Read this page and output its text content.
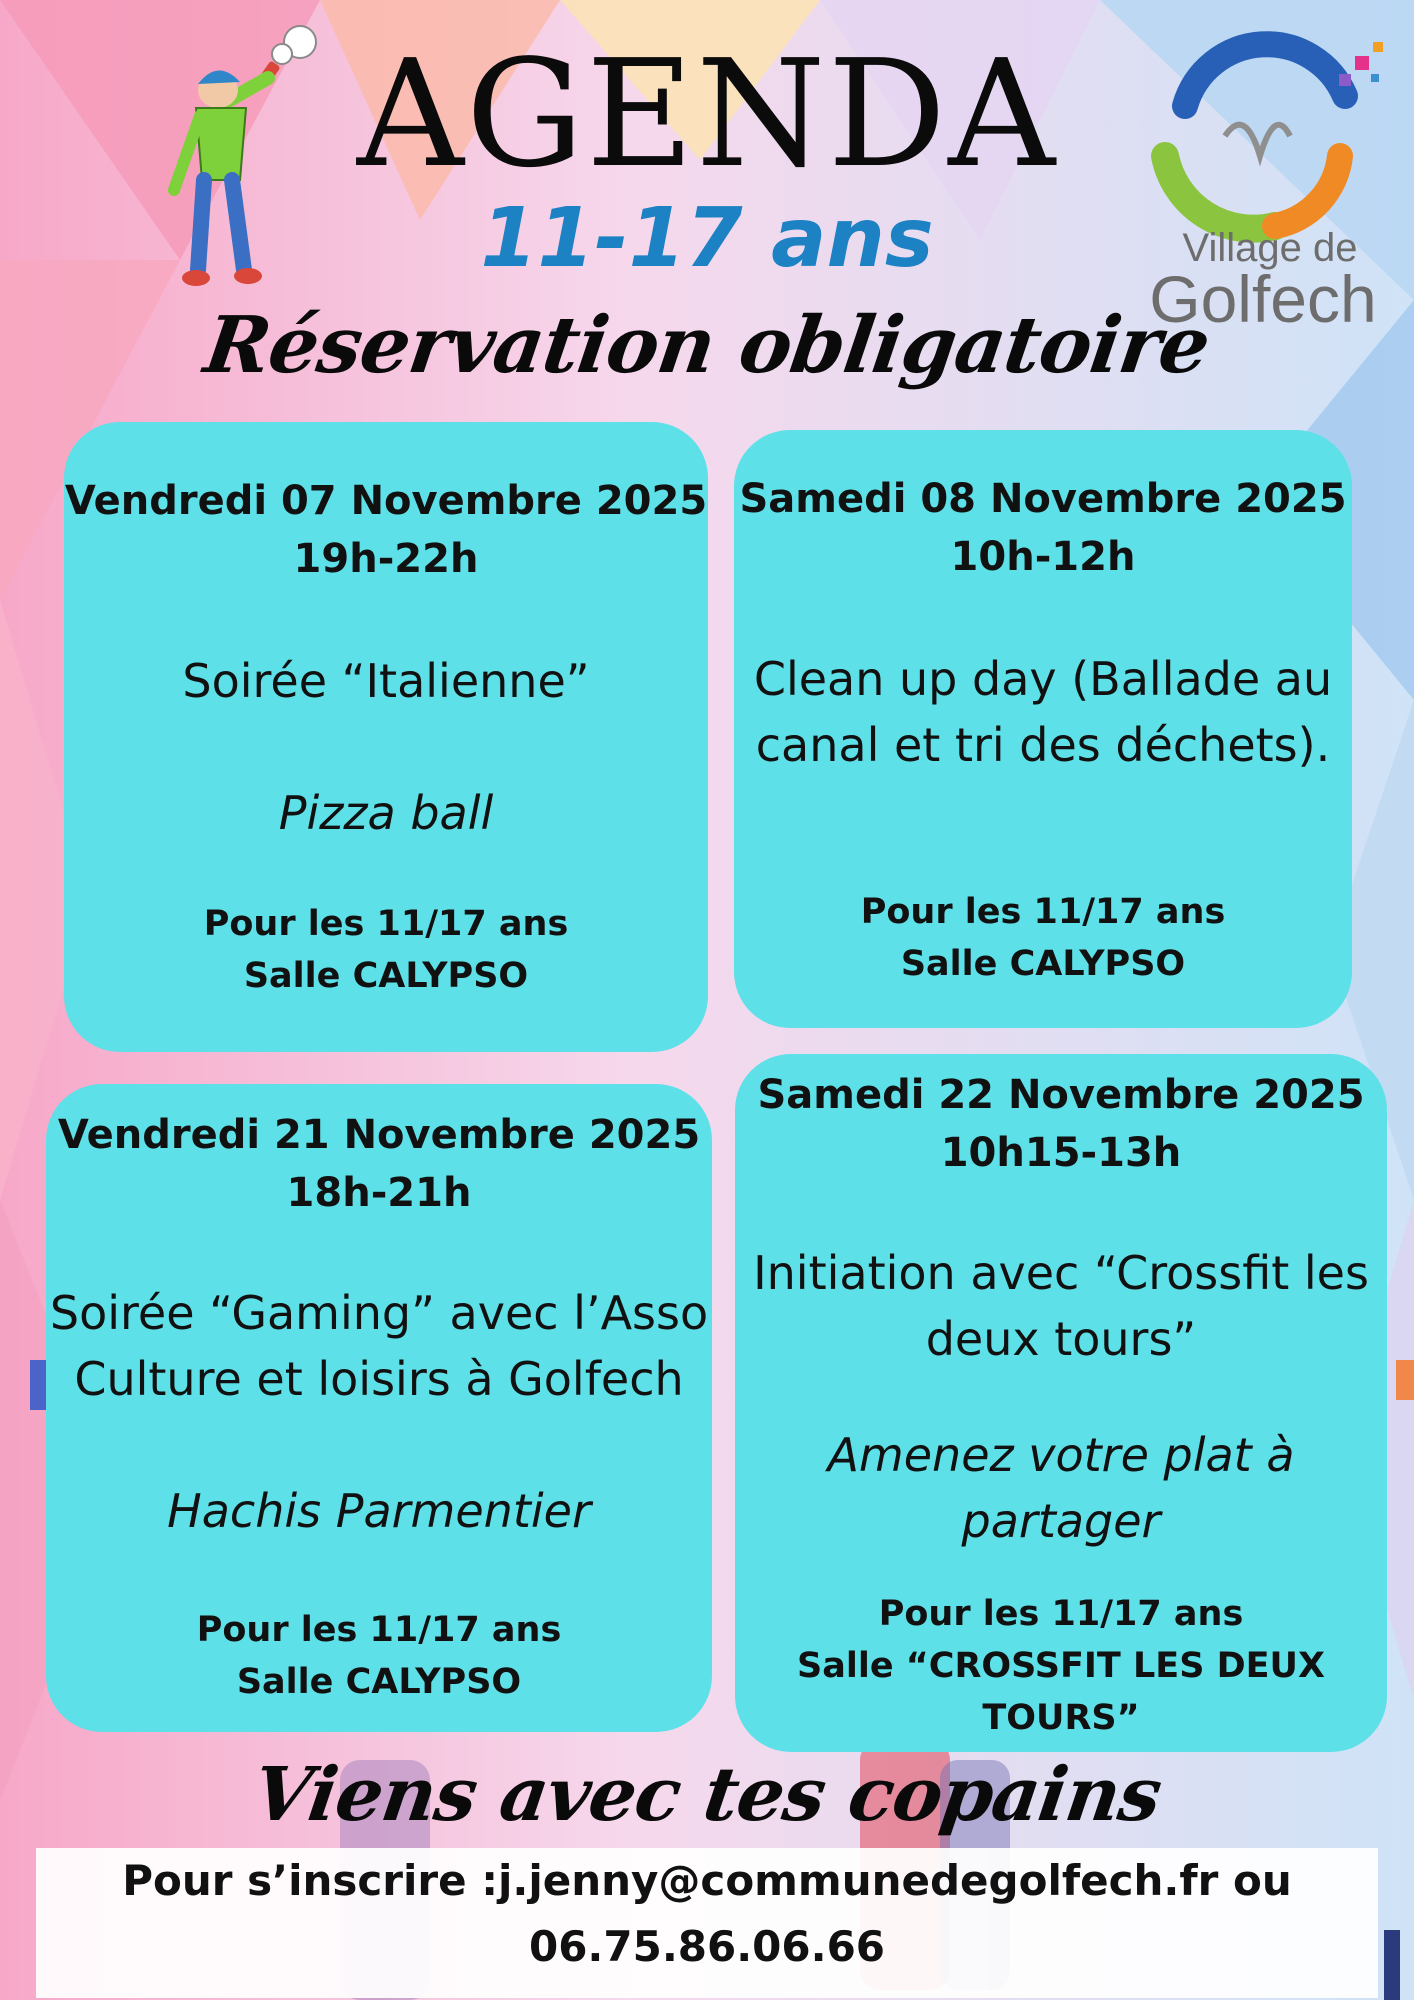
Village de
Golfech
AGENDA
11-17 ans
Réservation obligatoire

Vendredi 07 Novembre 2025

19h-22h

Soirée “Italienne”

Pizza ball

Pour les 11/17 ans

Salle CALYPSO

Samedi 08 Novembre 2025

10h-12h

Clean up day (Ballade au

canal et tri des déchets).

Pour les 11/17 ans

Salle CALYPSO

Vendredi 21 Novembre 2025

18h-21h

Soirée “Gaming” avec l’Asso

Culture et loisirs à Golfech

Hachis Parmentier

Pour les 11/17 ans

Salle CALYPSO

Samedi 22 Novembre 2025

10h15-13h

Initiation avec “Crossfit les

deux tours”

Amenez votre plat à

partager

Pour les 11/17 ans

Salle “CROSSFIT LES DEUX

TOURS”

Viens avec tes copains

Pour s’inscrire :j.jenny@communedegolfech.fr ou

06.75.86.06.66
